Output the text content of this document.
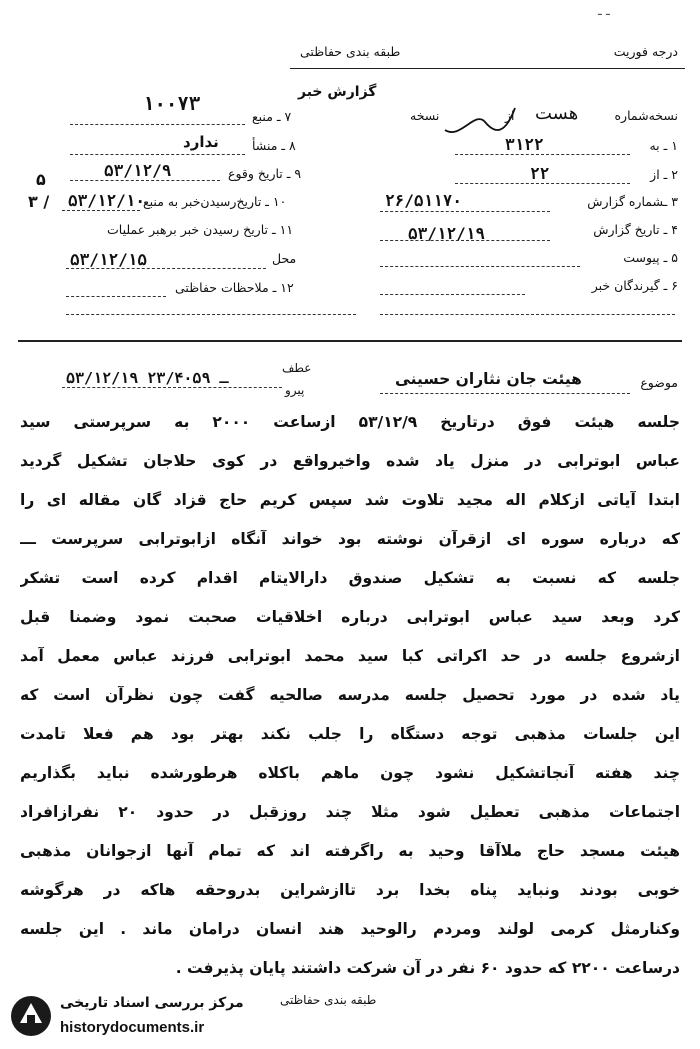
ـ ـ
درجه فوریت
طبقه بندی حفاظتی
گزارش خبر
نسخه‌شماره
هست
از
نسخه
۱ ـ به
۳۱۲۲
۲ ـ از
۲۲
۳ ـشماره گزارش
۲۶/۵۱۱۷۰
۴ ـ تاریخ گزارش
۵۳/۱۲/۱۹
۵ ـ پیوست
۶ ـ گیرندگان خبر
۷ ـ منبع
۱۰۰۷۳
۸ ـ منشأ
ندارد
۹ ـ تاریخ وقوع
۵۳/۱۲/۹
۱۰ ـ تاریخ‌رسیدن‌خبر به منبع
۵۳/۱۲/۱۰
۱۱ ـ تاریخ رسیدن خبر برهبر عملیات
محل
۵۳/۱۲/۱۵
۱۲ ـ ملاحظات حفاظتی
۵
۳ /
موضوع
هیئت جان نثاران حسینی
عطف
پیرو
۵۳/۱۲/۱۹ ـ ۲۳/۴۰۵۹
جلسه هیئت فوق درتاریخ ۵۳/۱۲/۹ ازساعت ۲۰۰۰ به سرپرستی سید
عباس ابوترابی در منزل یاد شده واخیرواقع در کوی حلاجان تشکیل گردید
ابتدا آیاتی ازکلام اله مجید تلاوت شد سپس کریم حاج قزاد گان مقاله ای را
که درباره سوره ای ازقرآن نوشته بود خواند آنگاه ازابوترابی سرپرست ـــ
جلسه که نسبت به تشکیل صندوق دارالایتام اقدام کرده است تشکر
کرد وبعد سید عباس ابوترابی درباره اخلاقیات صحبت نمود وضمنا قبل
ازشروع جلسه در حد اکراتی کبا سید محمد ابوترابی فرزند عباس معمل آمد
یاد شده در مورد تحصیل جلسه مدرسه صالحیه گفت چون نظرآن است که
این جلسات مذهبی توجه دستگاه را جلب نکند بهتر بود هم فعلا تامدت
چند هفته آنجاتشکیل نشود چون ماهم باکلاه هرطورشده نباید بگذاریم
اجتماعات مذهبی تعطیل شود مثلا چند روزقبل در حدود ۲۰ نفرازافراد
هیئت مسجد حاج ملاآقا وحید به راگرفته اند که تمام آنها ازجوانان مذهبی
خوبی بودند ونباید پناه بخدا برد تاازشراین بدروحقه هاکه در هرگوشه
وکنارمثل کرمی لولند ومردم رالوحید هند انسان درامان ماند . این جلسه
درساعت ۲۲۰۰ که حدود ۶۰ نفر در آن شرکت داشتند پایان پذیرفت .
طبقه بندی حفاظتی
مرکز بررسی اسناد تاریخی
historydocuments.ir
